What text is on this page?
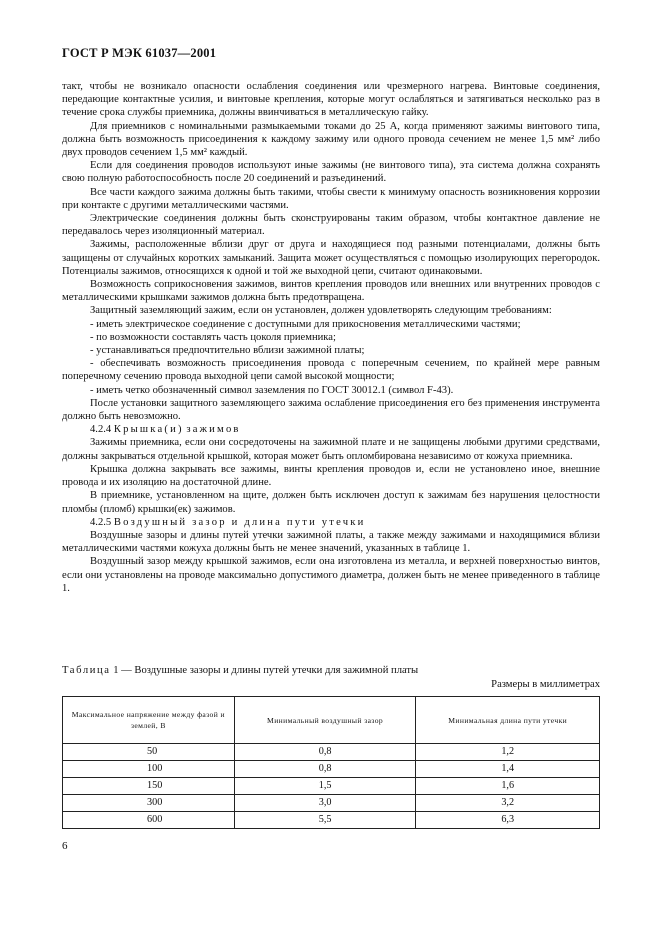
ГОСТ Р МЭК 61037—2001

такт, чтобы не возникало опасности ослабления соединения или чрезмерного нагрева. Винтовые соединения, передающие контактные усилия, и винтовые крепления, которые могут ослабляться и затягиваться несколько раз в течение срока службы приемника, должны ввинчиваться в металлическую гайку.

Для приемников с номинальными размыкаемыми токами до 25 А, когда применяют зажимы винтового типа, должна быть возможность присоединения к каждому зажиму или одного провода сечением не менее 1,5 мм² либо двух проводов сечением 1,5 мм² каждый.

Если для соединения проводов используют иные зажимы (не винтового типа), эта система должна сохранять свою полную работоспособность после 20 соединений и разъединений.

Все части каждого зажима должны быть такими, чтобы свести к минимуму опасность возникновения коррозии при контакте с другими металлическими частями.

Электрические соединения должны быть сконструированы таким образом, чтобы контактное давление не передавалось через изоляционный материал.

Зажимы, расположенные вблизи друг от друга и находящиеся под разными потенциалами, должны быть защищены от случайных коротких замыканий. Защита может осуществляться с помощью изолирующих перегородок. Потенциалы зажимов, относящихся к одной и той же выходной цепи, считают одинаковыми.

Возможность соприкосновения зажимов, винтов крепления проводов или внешних или внутренних проводов с металлическими крышками зажимов должна быть предотвращена.

Защитный заземляющий зажим, если он установлен, должен удовлетворять следующим требованиям:

- иметь электрическое соединение с доступными для прикосновения металлическими частями;

- по возможности составлять часть цоколя приемника;

- устанавливаться предпочтительно вблизи зажимной платы;

- обеспечивать возможность присоединения провода с поперечным сечением, по крайней мере равным поперечному сечению провода выходной цепи самой высокой мощности;

- иметь четко обозначенный символ заземления по ГОСТ 30012.1 (символ F-43).

После установки защитного заземляющего зажима ослабление присоединения его без применения инструмента должно быть невозможно.

4.2.4 Крышка(и) зажимов

Зажимы приемника, если они сосредоточены на зажимной плате и не защищены любыми другими средствами, должны закрываться отдельной крышкой, которая может быть опломбирована независимо от кожуха приемника.

Крышка должна закрывать все зажимы, винты крепления проводов и, если не установлено иное, внешние провода и их изоляцию на достаточной длине.

В приемнике, установленном на щите, должен быть исключен доступ к зажимам без нарушения целостности пломбы (пломб) крышки(ек) зажимов.

4.2.5 Воздушный зазор и длина пути утечки

Воздушные зазоры и длины путей утечки зажимной платы, а также между зажимами и находящимися вблизи металлическими частями кожуха должны быть не менее значений, указанных в таблице 1.

Воздушный зазор между крышкой зажимов, если она изготовлена из металла, и верхней поверхностью винтов, если они установлены на проводе максимально допустимого диаметра, должен быть не менее приведенного в таблице 1.

Таблица 1 — Воздушные зазоры и длины путей утечки для зажимной платы
Размеры в миллиметрах
Максимальное напряжение между фазой и землей, В	Минимальный воздушный зазор	Минимальная длина пути утечки
50	0,8	1,2
100	0,8	1,4
150	1,5	1,6
300	3,0	3,2
600	5,5	6,3
6
